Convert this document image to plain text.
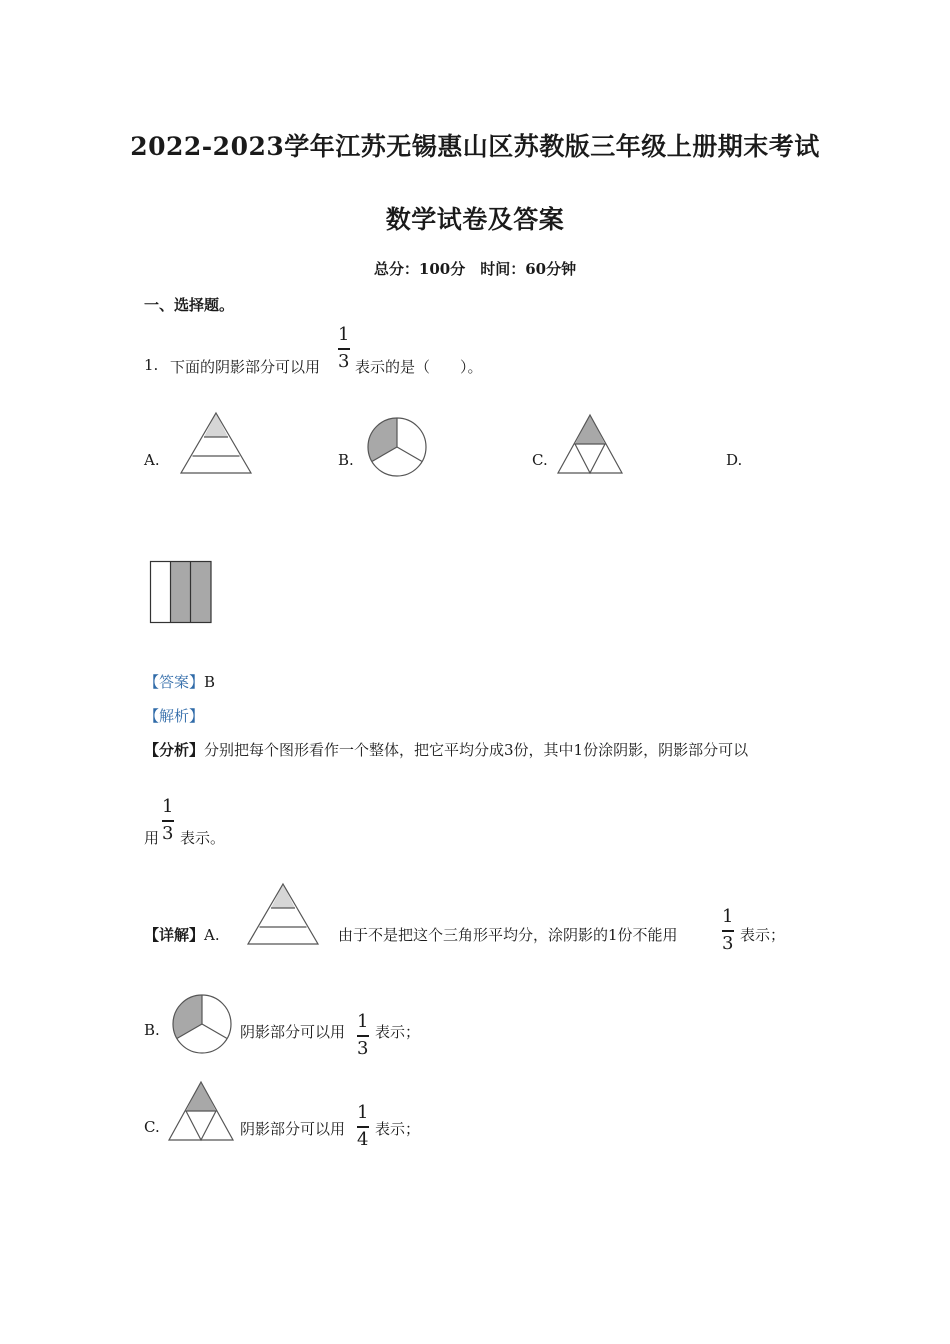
2022-2023学年江苏无锡惠山区苏教版三年级上册期末考试
数学试卷及答案
总分：100分　时间：60分钟
一、选择题。
1. 下面的阴影部分可以用
1
3 表示的是（　　）。
A.	B.	C.	D.
【答案】B
【解析】
【分析】分别把每个图形看作一个整体，把它平均分成3份，其中1份涂阴影，阴影部分可以
用
1
3 表示。
【详解】A.	由于不是把这个三角形平均分，涂阴影的1份不能用
1
3 表示；
B.	阴影部分可以用 1
3
表示；
C.	阴影部分可以用
1
4 表示；
